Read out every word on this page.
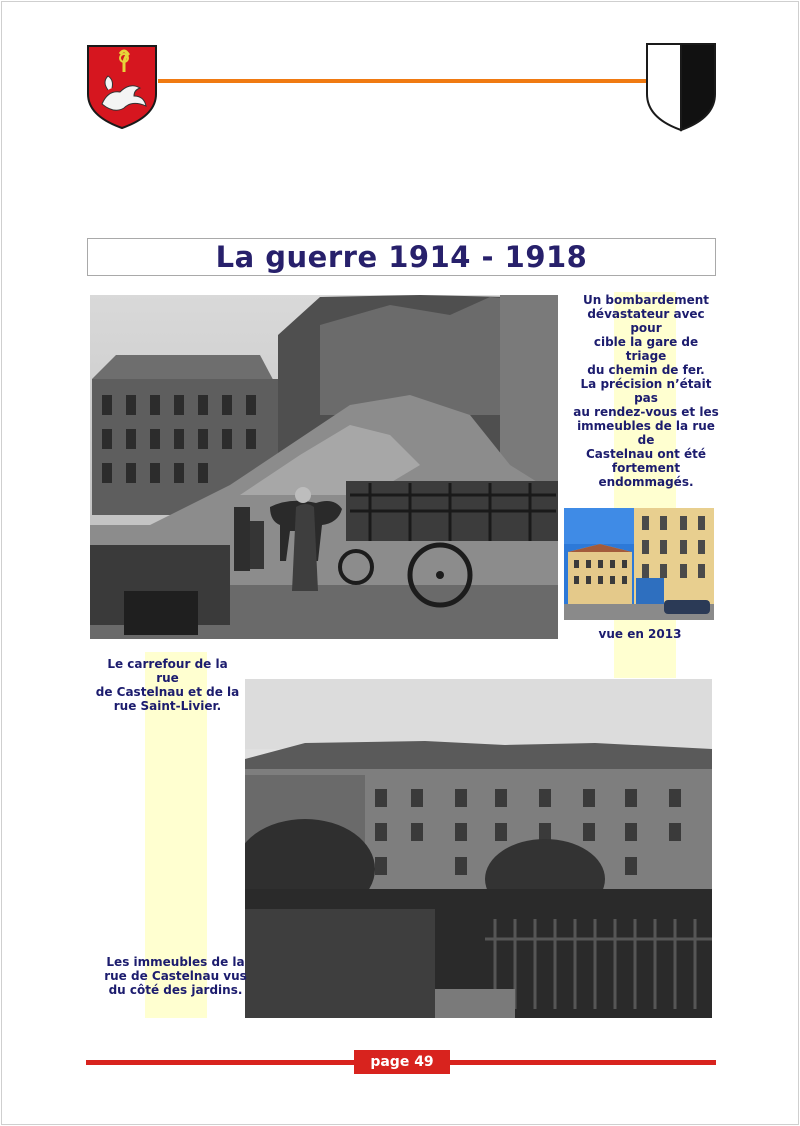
La guerre 1914 - 1918
Un bombardement
dévastateur avec pour
cible la gare de triage
du chemin de fer.
La précision n’était pas
au rendez-vous et les
immeubles de la rue de
Castelnau ont été
fortement
endommagés.
vue en 2013
Le carrefour de la rue
de Castelnau et de la
rue Saint-Livier.
Les immeubles de la
rue de Castelnau vus
du côté des jardins.
page 49
